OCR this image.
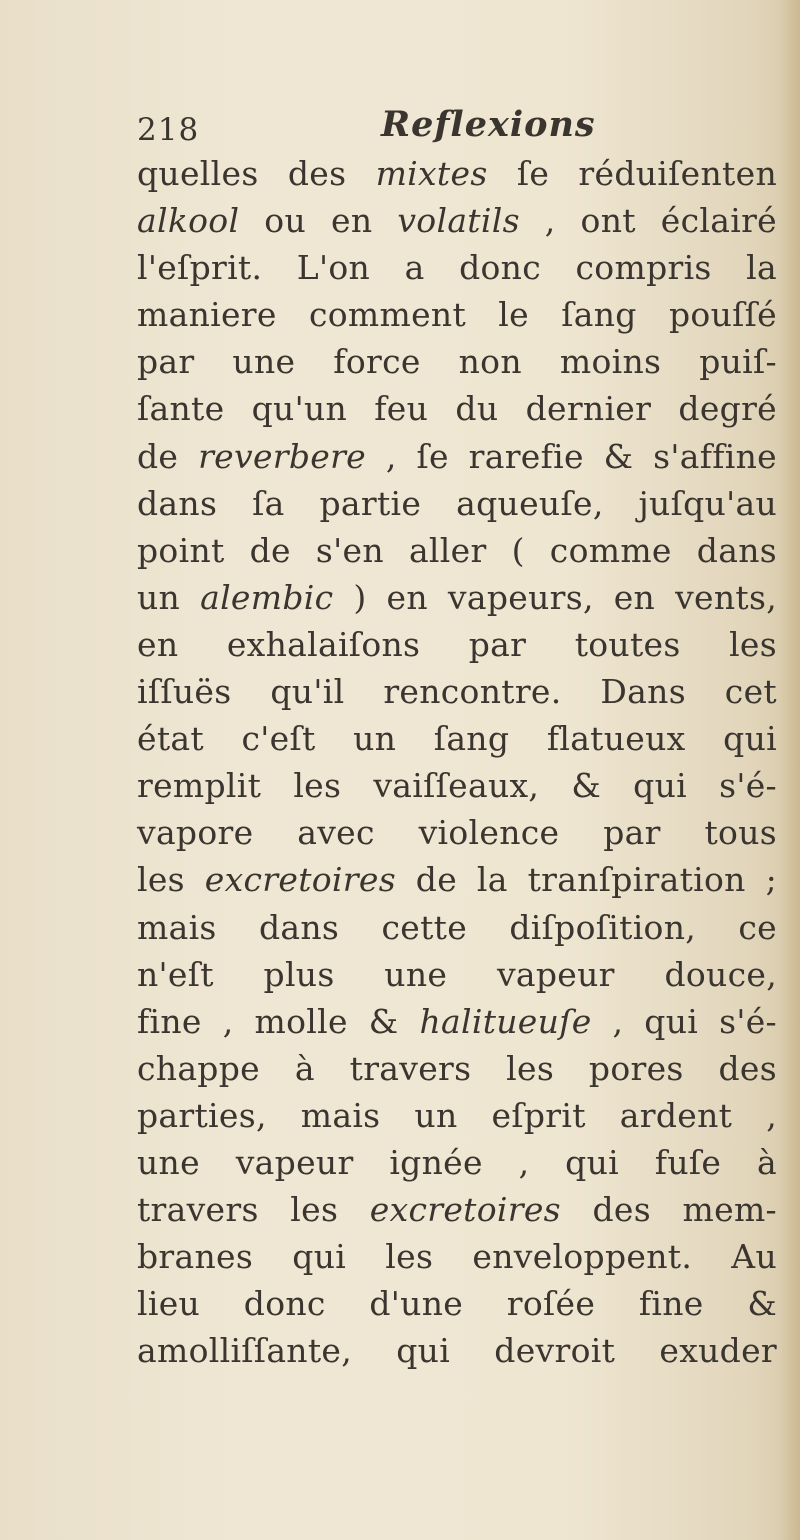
218	Reflexions
quelles des mixtes ſe réduiſenten
alkool ou en volatils , ont éclairé
l'eſprit. L'on a donc compris la
maniere comment le ſang pouſſé
par une force non moins puiſ-
ſante qu'un feu du dernier degré
de reverbere , ſe rarefie & s'affine
dans ſa partie aqueuſe, juſqu'au
point de s'en aller ( comme dans
un alembic ) en vapeurs, en vents,
en exhalaiſons par toutes les
iſſuës qu'il rencontre. Dans cet
état c'eſt un ſang flatueux qui
remplit les vaiſſeaux, & qui s'é-
vapore avec violence par tous
les excretoires de la tranſpiration ;
mais dans cette diſpoſition, ce
n'eſt plus une vapeur douce,
fine , molle & halitueuſe , qui s'é-
chappe à travers les pores des
parties, mais un eſprit ardent ,
une vapeur ignée , qui fuſe à
travers les excretoires des mem-
branes qui les enveloppent. Au
lieu donc d'une roſée fine &
amolliſſante, qui devroit exuder
